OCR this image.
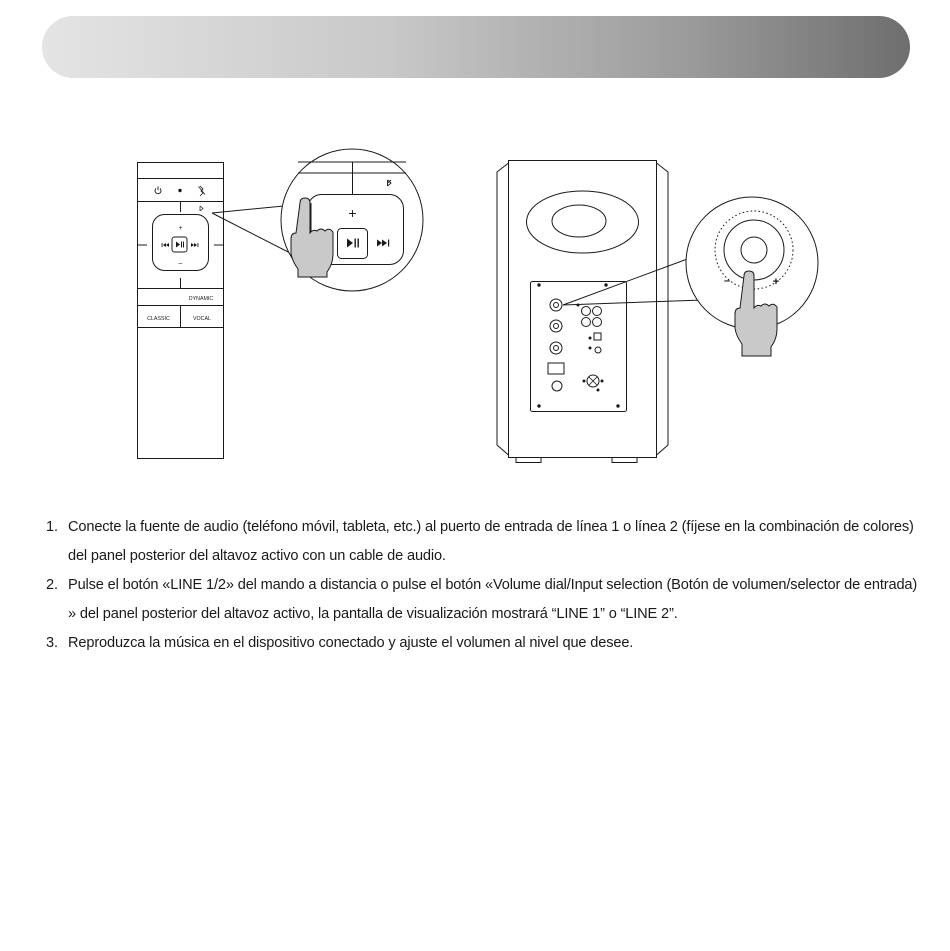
+
–
DYNAMIC
CLASSIC	VOCAL
+
–	+
1. Conecte la fuente de audio (teléfono móvil, tableta, etc.) al puerto de entrada de línea 1 o línea 2 (fíjese en la combinación de colores) del panel posterior del altavoz activo con un cable de audio.
2. Pulse el botón «LINE 1/2» del mando a distancia o pulse el botón «Volume dial/Input selection (Botón de volumen/selector de entrada) » del panel posterior del altavoz activo, la pantalla de visualización mostrará “LINE 1” o “LINE 2”.
3. Reproduzca la música en el dispositivo conectado y ajuste el volumen al nivel que desee.
